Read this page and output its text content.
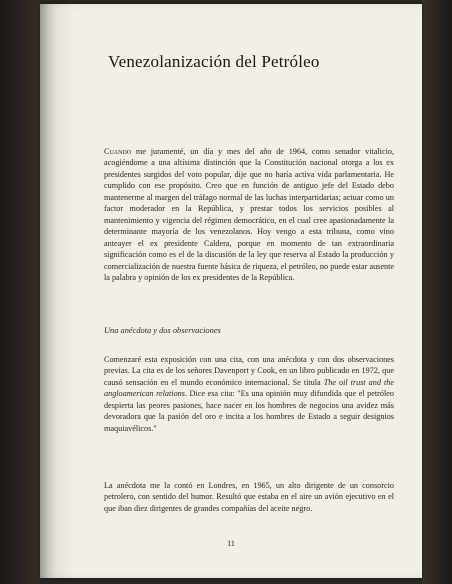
Venezolanización del Petróleo

Cuando me juramenté, un día y mes del año de 1964, como senador vitalicio, acogiéndome a una altísima distinción que la Constitución nacional otorga a los ex presidentes surgidos del voto popular, dije que no haría activa vida parlamentaria. He cumplido con ese propósito. Creo que en función de antiguo jefe del Estado debo mantenerme al margen del tráfago normal de las luchas interpartidarias; actuar como un factor moderador en la República, y prestar todos los servicios posibles al mantenimiento y vigencia del régimen democrático, en el cual cree apasionadamente la determinante mayoría de los venezolanos. Hoy vengo a esta tribuna, como vino anteayer el ex presidente Caldera, porque en momento de tan extraordinaria significación como es el de la discusión de la ley que reserva al Estado la producción y comercialización de nuestra fuente básica de riqueza, el petróleo, no puede estar ausente la palabra y opinión de los ex presidentes de la República.

Una anécdota y dos observaciones

Comenzaré esta exposición con una cita, con una anécdota y con dos observaciones previas. La cita es de los señores Davenport y Cook, en un libro publicado en 1972, que causó sensación en el mundo económico internacional. Se titula The oil trust and the angloamerican relations. Dice esa cita: "Es una opinión muy difundida que el petróleo despierta las peores pasiones, hace nacer en los hombres de negocios una avidez más devoradora que la pasión del oro e incita a los hombres de Estado a seguir designios maquiavélicos."

La anécdota me la contó en Londres, en 1965, un alto dirigente de un consorcio petrolero, con sentido del humor. Resultó que estaba en el aire un avión ejecutivo en el que iban diez dirigentes de grandes compañías del aceite negro.

11
